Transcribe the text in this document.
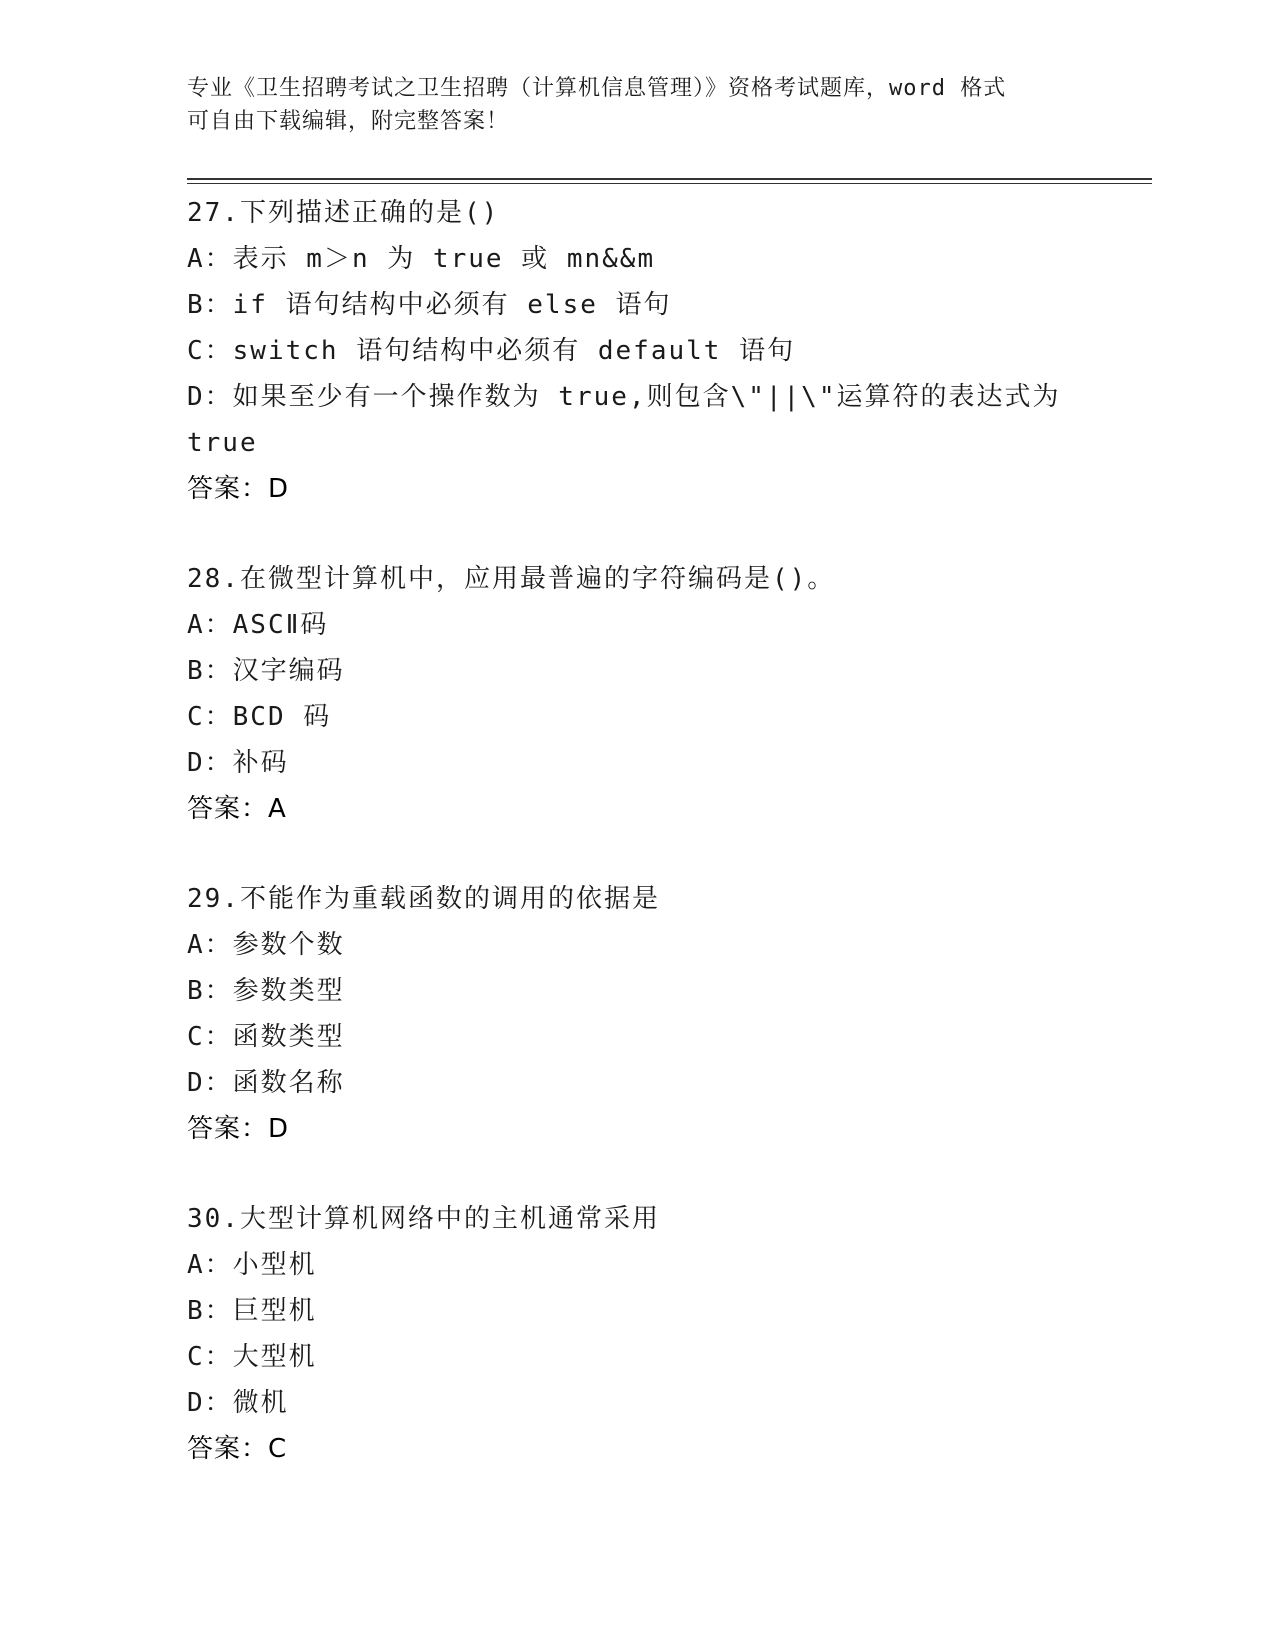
专业《卫生招聘考试之卫生招聘（计算机信息管理）》资格考试题库，word 格式
可自由下载编辑，附完整答案！
27.下列描述正确的是()
A：表示 m＞n 为 true 或 mn&&m
B：if 语句结构中必须有 else 语句
C：switch 语句结构中必须有 default 语句
D：如果至少有一个操作数为 true,则包含\"||\"运算符的表达式为
true
答案：D
28.在微型计算机中，应用最普遍的字符编码是()。
A：ASCⅡ码
B：汉字编码
C：BCD 码
D：补码
答案：A
29.不能作为重载函数的调用的依据是
A：参数个数
B：参数类型
C：函数类型
D：函数名称
答案：D
30.大型计算机网络中的主机通常采用
A：小型机
B：巨型机
C：大型机
D：微机
答案：C
